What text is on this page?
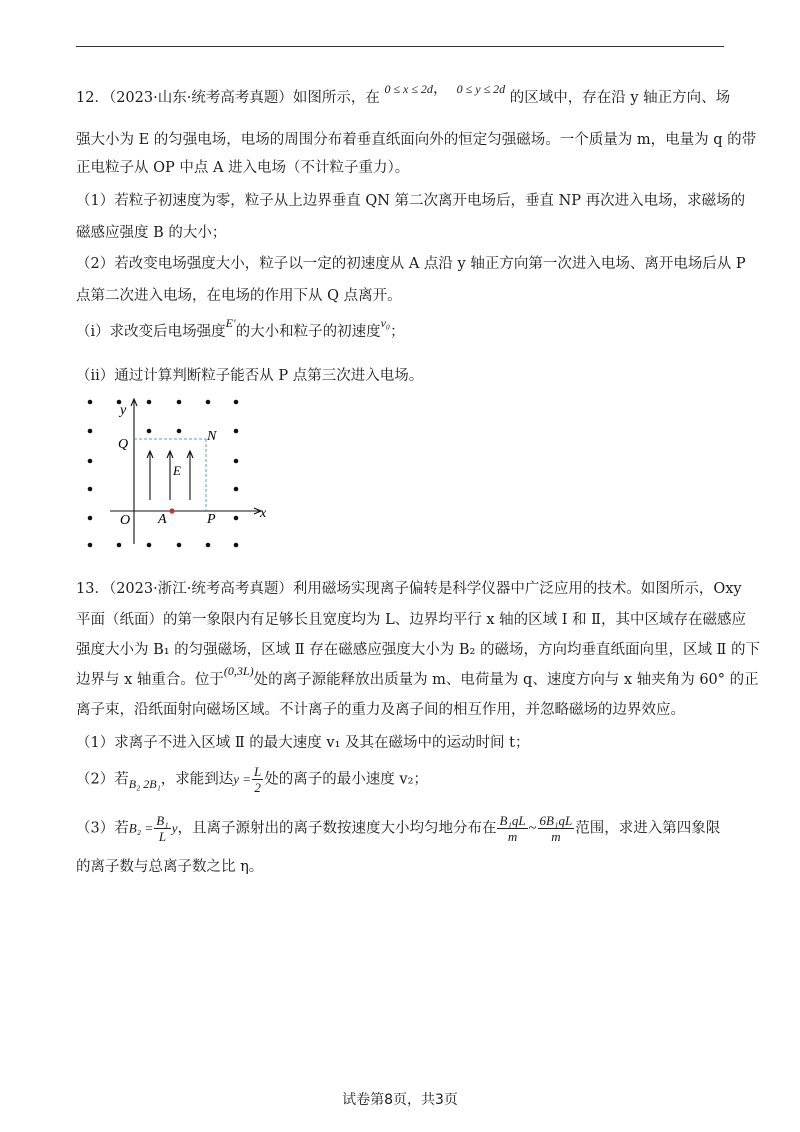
12．（2023·山东·统考高考真题）如图所示，在 $^{0 \le x \le 2d}$， $^{0 \le y \le 2d}$ 的区域中，存在沿 y 轴正方向、场
强大小为 E 的匀强电场，电场的周围分布着垂直纸面向外的恒定匀强磁场。一个质量为 m，电量为 q 的带
正电粒子从 OP 中点 A 进入电场（不计粒子重力）。
（1）若粒子初速度为零，粒子从上边界垂直 QN 第二次离开电场后，垂直 NP 再次进入电场，求磁场的
磁感应强度 B 的大小；
（2）若改变电场强度大小，粒子以一定的初速度从 A 点沿 y 轴正方向第一次进入电场、离开电场后从 P
点第二次进入电场，在电场的作用下从 Q 点离开。
（i）求改变后电场强度$^{E'}$的大小和粒子的初速度$^{v_0}$；
（ii）通过计算判断粒子能否从 P 点第三次进入电场。
y
x
Q
N
E
O A	P
13．（2023·浙江·统考高考真题）利用磁场实现离子偏转是科学仪器中广泛应用的技术。如图所示，Oxy
平面（纸面）的第一象限内有足够长且宽度均为 L、边界均平行 x 轴的区域 Ⅰ 和 Ⅱ，其中区域存在磁感应
强度大小为 B₁ 的匀强磁场，区域 Ⅱ 存在磁感应强度大小为 B₂ 的磁场，方向均垂直纸面向里，区域 Ⅱ 的下
边界与 x 轴重合。位于$^{(0,3L)}$处的离子源能释放出质量为 m、电荷量为 q、速度方向与 x 轴夹角为 60° 的正
离子束，沿纸面射向磁场区域。不计离子的重力及离子间的相互作用，并忽略磁场的边界效应。
（1）求离子不进入区域 Ⅱ 的最大速度 v₁ 及其在磁场中的运动时间 t；
（2）若$_{B_2 2B_1}$，求能到达$y = \frac{L}{2}$ 处的离子的最小速度 v₂；
（3）若$B_2 = \frac{\text{B₁}}{L}$ y，且离子源射出的离子数按速度大小均匀地分布在 $\frac{\text{B₁qL}}{m}$ ~ $\frac{\text{6B₁qL}}{m}$ 范围，求进入第四象限
的离子数与总离子数之比 η。
试卷第8页，共3页
